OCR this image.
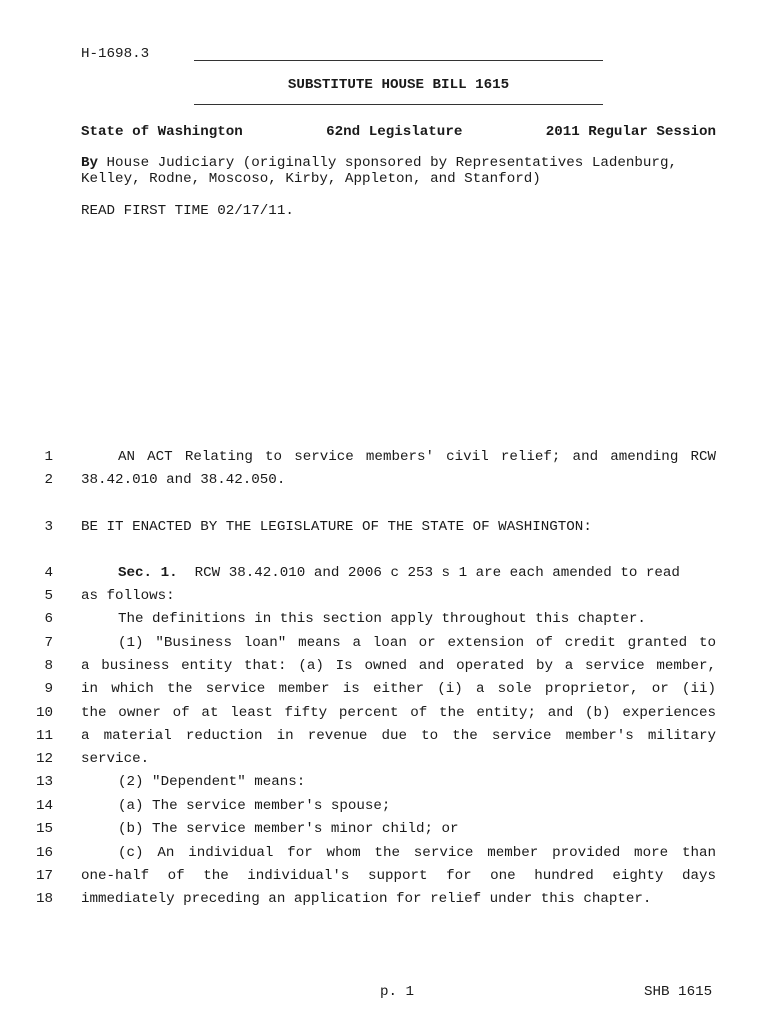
H-1698.3
SUBSTITUTE HOUSE BILL 1615
State of Washington	62nd Legislature	2011 Regular Session
By House Judiciary (originally sponsored by Representatives Ladenburg,
Kelley, Rodne, Moscoso, Kirby, Appleton, and Stanford)
READ FIRST TIME 02/17/11.
1	AN ACT Relating to service members' civil relief; and amending RCW
2 38.42.010 and 38.42.050.
3 BE IT ENACTED BY THE LEGISLATURE OF THE STATE OF WASHINGTON:
4	Sec. 1.  RCW 38.42.010 and 2006 c 253 s 1 are each amended to read
5 as follows:
6	The definitions in this section apply throughout this chapter.
7	(1) "Business loan" means a loan or extension of credit granted to
8 a business entity that: (a) Is owned and operated by a service member,
9 in which the service member is either (i) a sole proprietor, or (ii)
10 the owner of at least fifty percent of the entity; and (b) experiences
11 a material reduction in revenue due to the service member's military
12 service.
13	(2) "Dependent" means:
14	(a) The service member's spouse;
15	(b) The service member's minor child; or
16	(c) An individual for whom the service member provided more than
17 one-half of the individual's support for one hundred eighty days
18 immediately preceding an application for relief under this chapter.
p. 1	SHB 1615
